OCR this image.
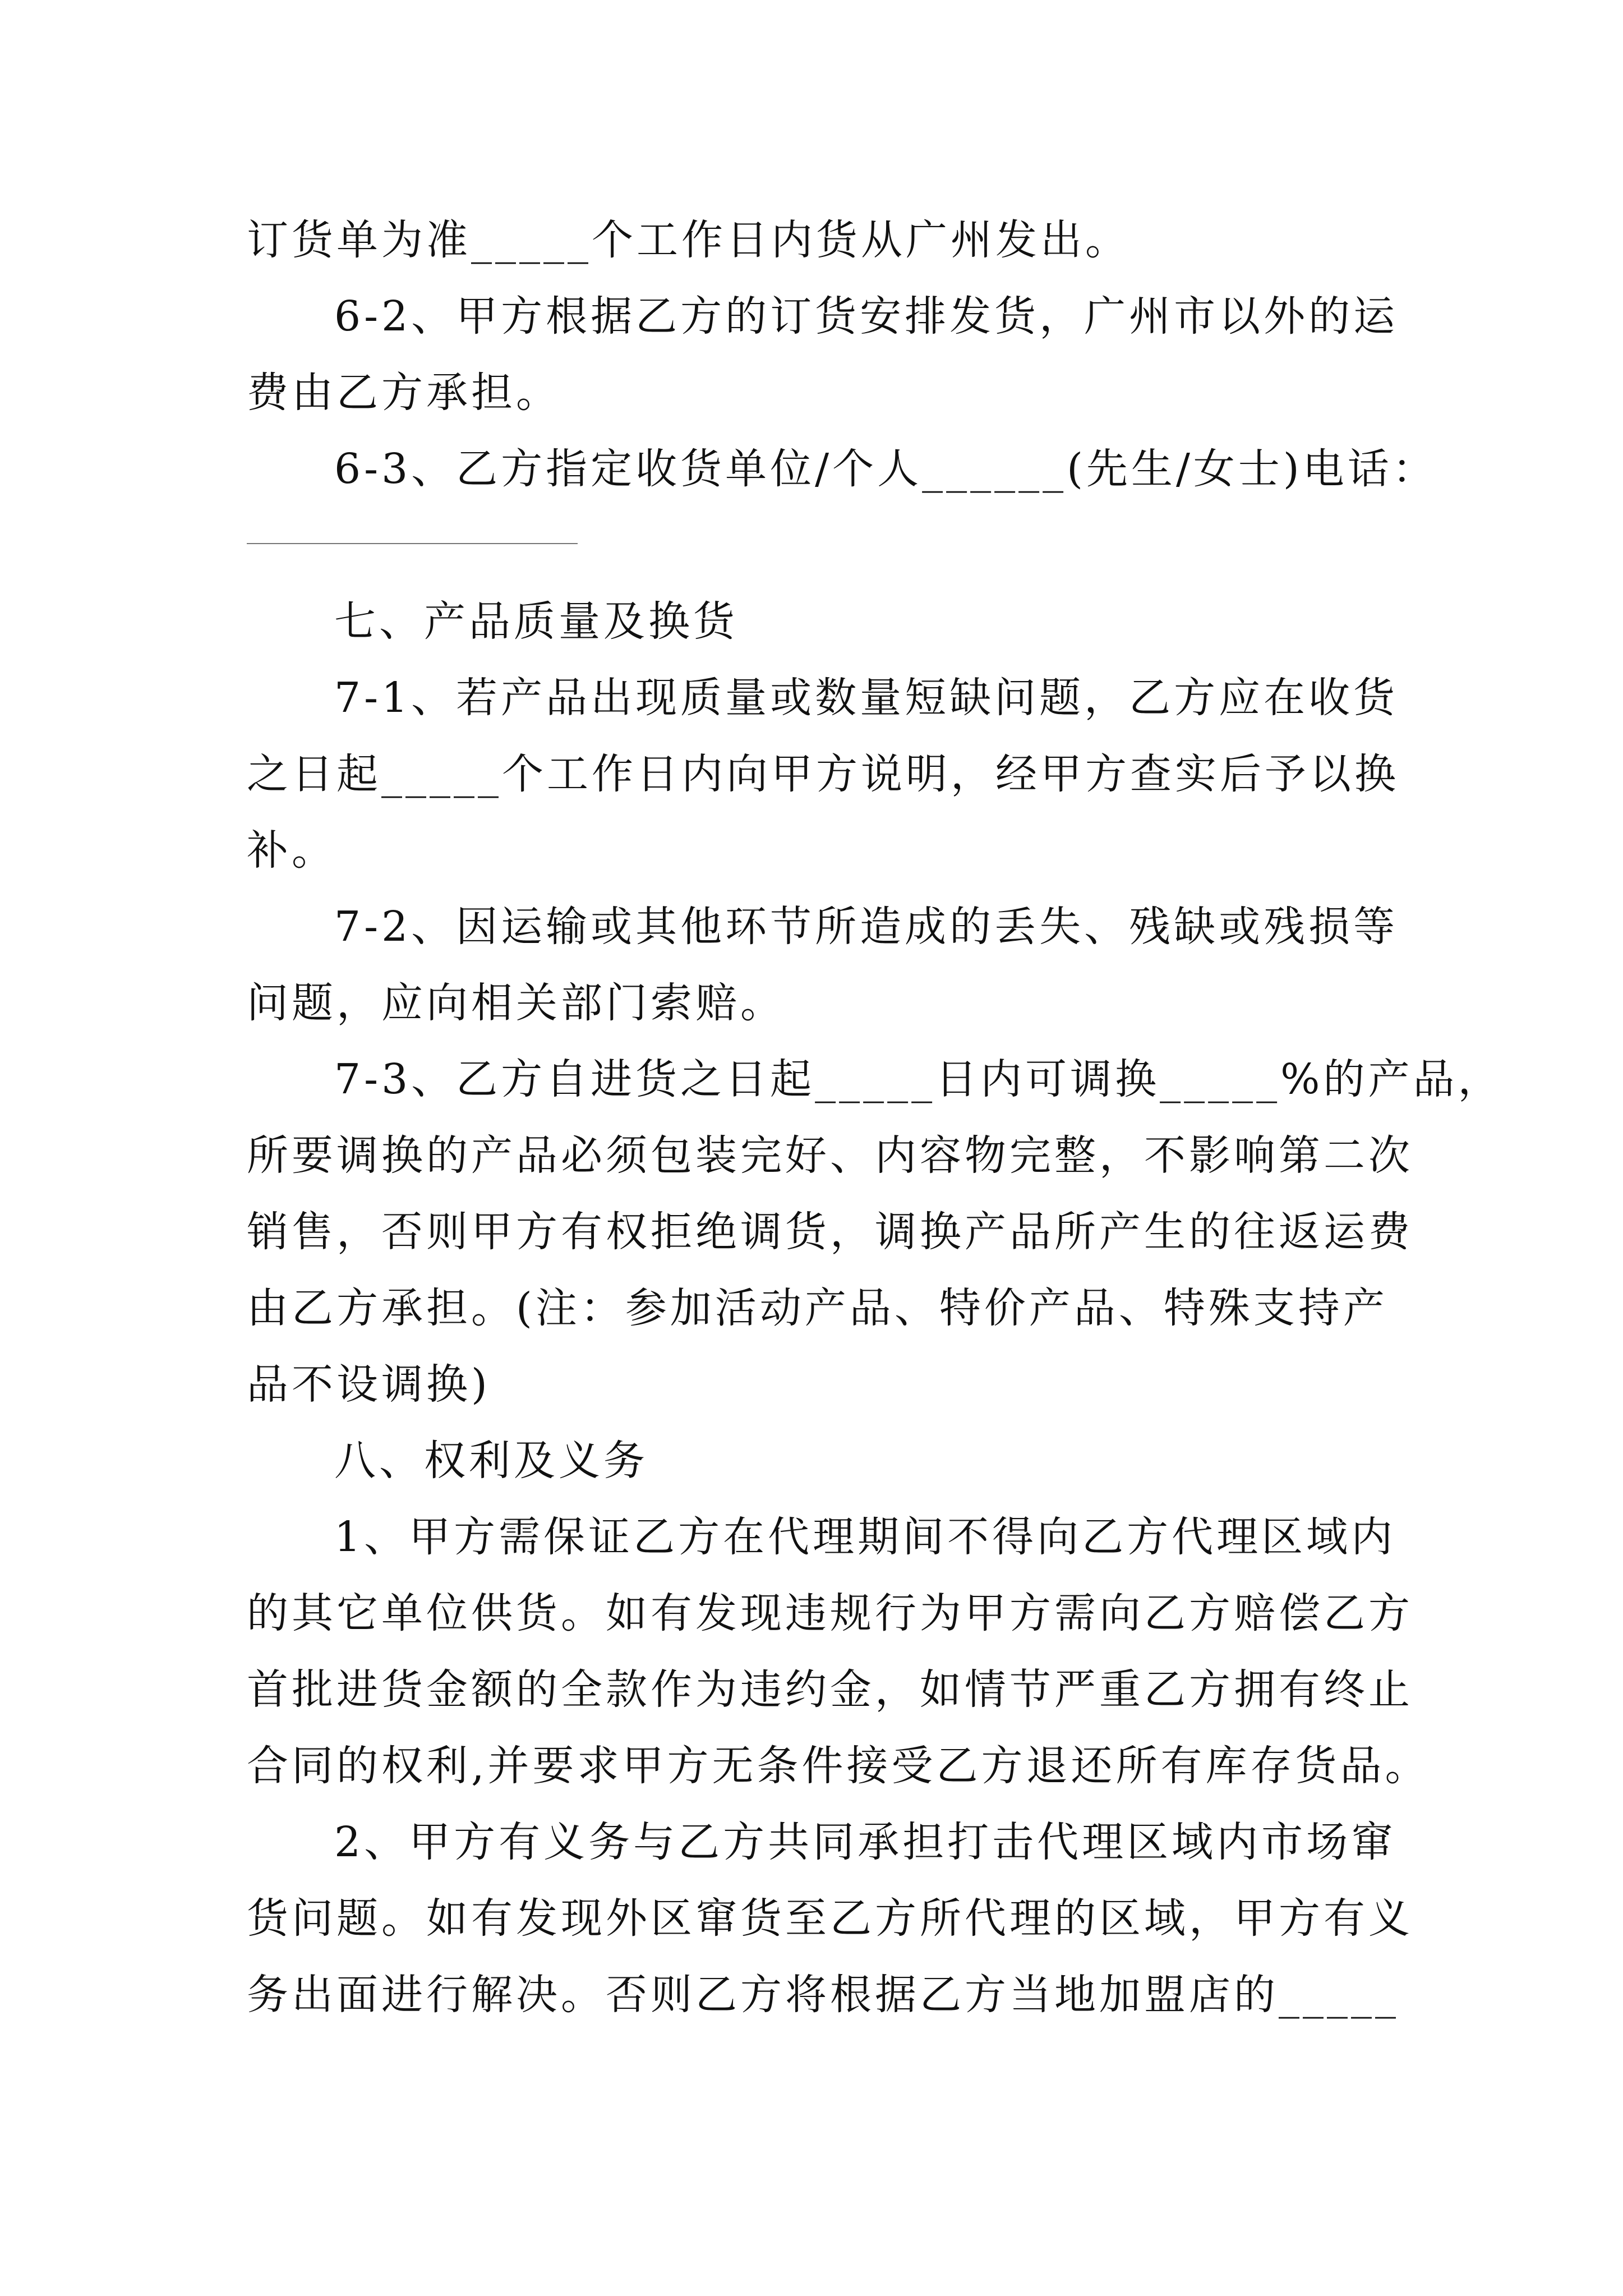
订货单为准_____个工作日内货从广州发出。
6-2、甲方根据乙方的订货安排发货，广州市以外的运
费由乙方承担。
6-3、乙方指定收货单位/个人______(先生/女士)电话：
七、产品质量及换货
7-1、若产品出现质量或数量短缺问题，乙方应在收货
之日起_____个工作日内向甲方说明，经甲方查实后予以换
补。
7-2、因运输或其他环节所造成的丢失、残缺或残损等
问题，应向相关部门索赔。
7-3、乙方自进货之日起_____日内可调换_____%的产品，
所要调换的产品必须包装完好、内容物完整，不影响第二次
销售，否则甲方有权拒绝调货，调换产品所产生的往返运费
由乙方承担。(注：参加活动产品、特价产品、特殊支持产
品不设调换)
八、权利及义务
1、甲方需保证乙方在代理期间不得向乙方代理区域内
的其它单位供货。如有发现违规行为甲方需向乙方赔偿乙方
首批进货金额的全款作为违约金，如情节严重乙方拥有终止
合同的权利,并要求甲方无条件接受乙方退还所有库存货品。
2、甲方有义务与乙方共同承担打击代理区域内市场窜
货问题。如有发现外区窜货至乙方所代理的区域，甲方有义
务出面进行解决。否则乙方将根据乙方当地加盟店的_____
